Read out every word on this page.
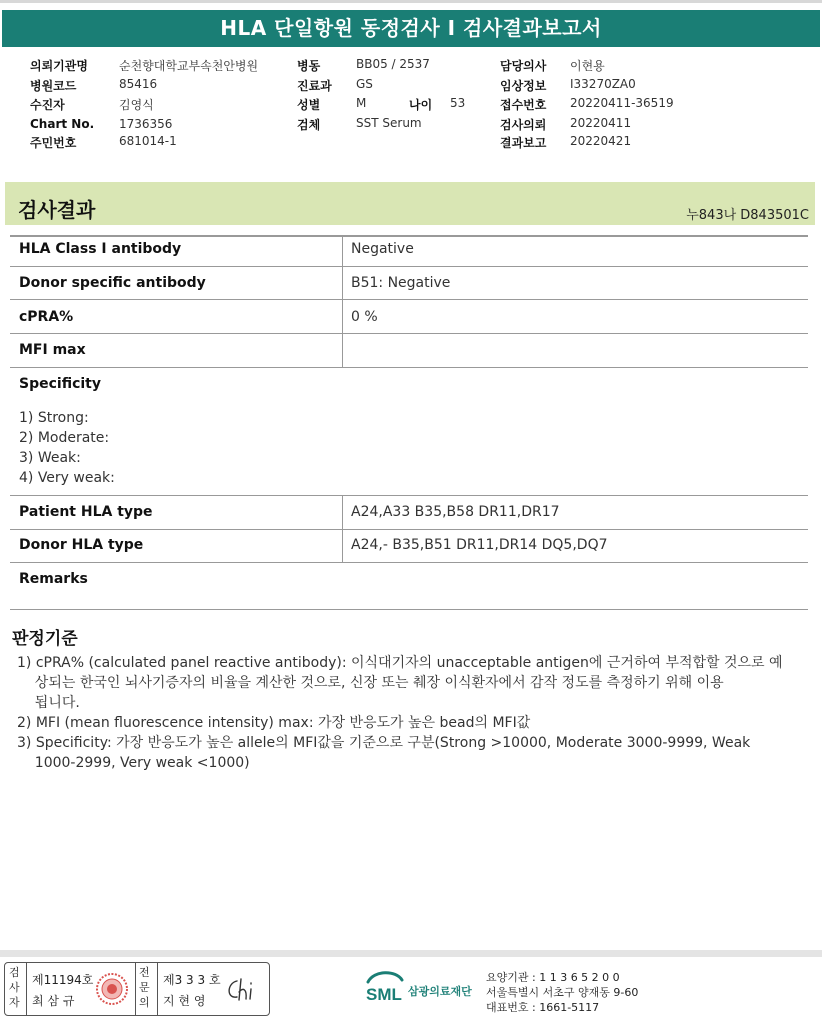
HLA 단일항원 동정검사 I 검사결과보고서
의뢰기관명	순천향대학교부속천안병원
병원코드	85416
수진자	김영식
Chart No. 1736356
주민번호	681014-1
병동	BB05 / 2537
진료과 GS
성별	M	나이 53
검체	SST Serum
담당의사 이현용
임상정보 I33270ZA0
접수번호 20220411-36519
검사의뢰 20220411
결과보고 20220421
검사결과	누843나 D843501C
HLA Class I antibody	Negative
Donor specific antibody	B51: Negative
cPRA%	0 %
MFI max
Specificity
1) Strong:
2) Moderate:
3) Weak:
4) Very weak:
Patient HLA type	A24,A33 B35,B58 DR11,DR17
Donor HLA type	A24,- B35,B51 DR11,DR14 DQ5,DQ7
Remarks
판정기준
1) cPRA% (calculated panel reactive antibody): 이식대기자의 unacceptable antigen에 근거하여 부적합할 것으로 예
상되는 한국인 뇌사기증자의 비율을 계산한 것으로, 신장 또는 췌장 이식환자에서 감작 정도를 측정하기 위해 이용
됩니다.
2) MFI (mean fluorescence intensity) max: 가장 반응도가 높은 bead의 MFI값
3) Specificity: 가장 반응도가 높은 allele의 MFI값을 기준으로 구분(Strong >10000, Moderate 3000-9999, Weak
1000-2999, Very weak <1000)
검사자
제11194호
최 삼 규
전문의
제3 3 3 호
지 현 영	SML 삼광의료재단
요양기관 : 1 1 3 6 5 2 0 0
서울특별시 서초구 양재동 9-60
대표번호 : 1661-5117
